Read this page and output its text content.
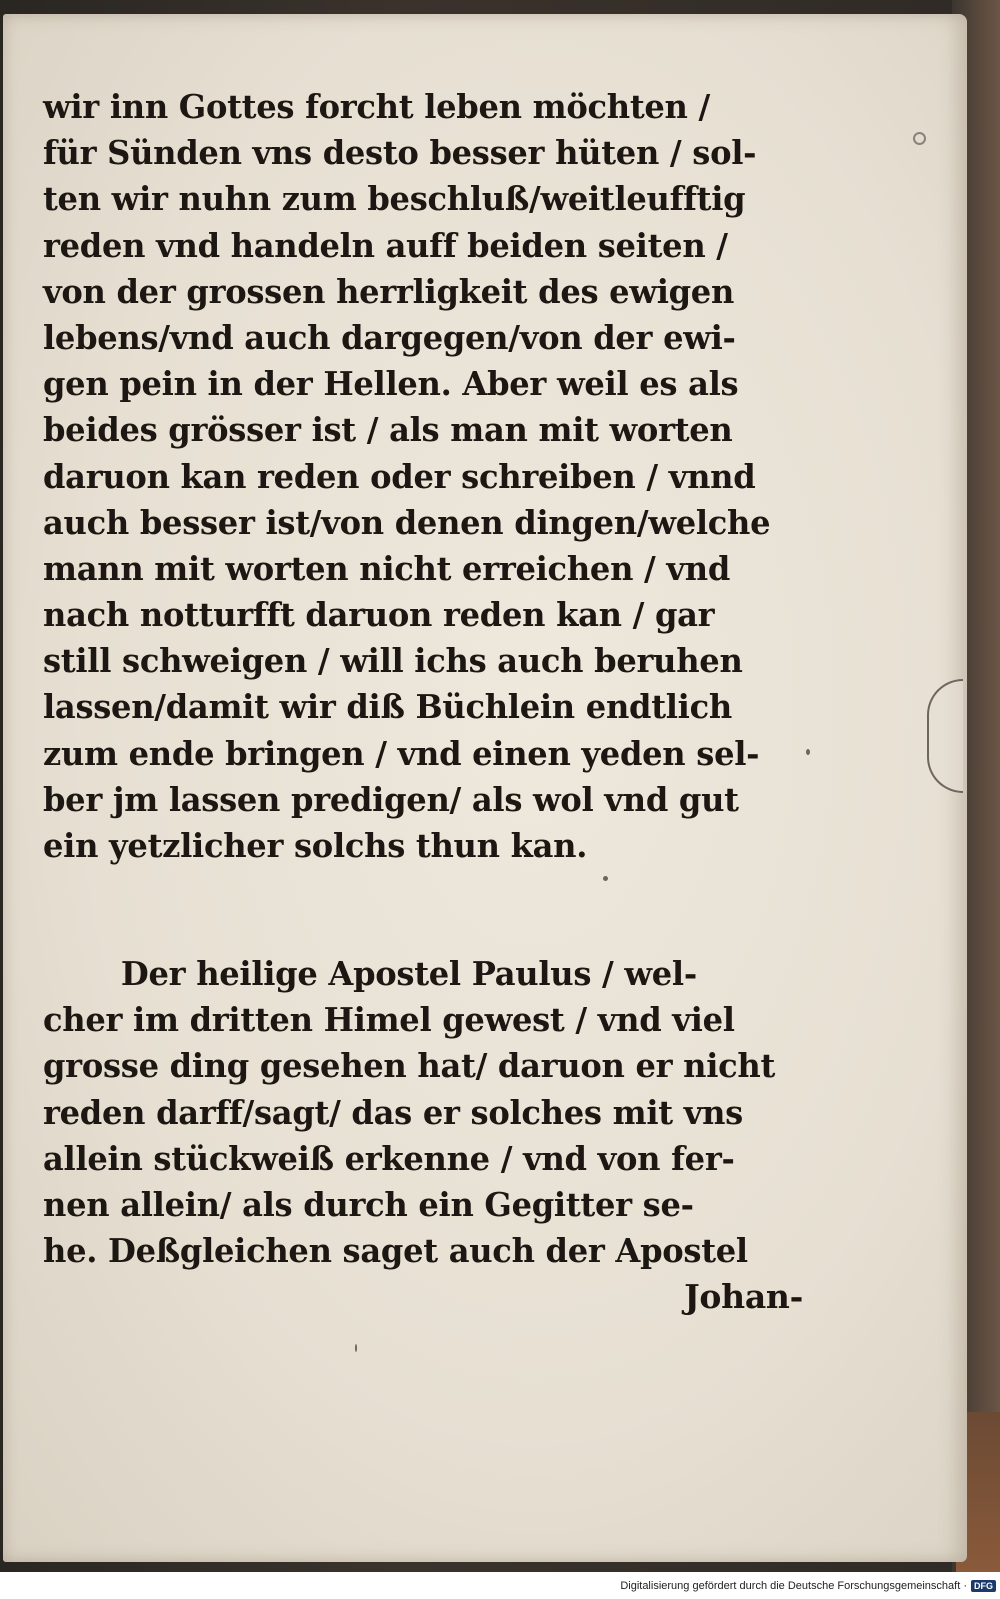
wir inn Gottes forcht leben möchten /
für Sünden vns desto besser hüten / sol-
ten wir nuhn zum beschluß/weitleufftig
reden vnd handeln auff beiden seiten /
von der grossen herrligkeit des ewigen
lebens/vnd auch dargegen/von der ewi-
gen pein in der Hellen. Aber weil es als
beides grösser ist / als man mit worten
daruon kan reden oder schreiben / vnnd
auch besser ist/von denen dingen/welche
mann mit worten nicht erreichen / vnd
nach notturfft daruon reden kan / gar
still schweigen / will ichs auch beruhen
lassen/damit wir diß Büchlein endtlich
zum ende bringen / vnd einen yeden sel-
ber jm lassen predigen/ als wol vnd gut
ein yetzlicher solchs thun kan.
Der heilige Apostel Paulus / wel-
cher im dritten Himel gewest / vnd viel
grosse ding gesehen hat/ daruon er nicht
reden darff/sagt/ das er solches mit vns
allein stückweiß erkenne / vnd von fer-
nen allein/ als durch ein Gegitter se-
he. Deßgleichen saget auch der Apostel
Johan-
Digitalisierung gefördert durch die Deutsche Forschungsgemeinschaft · DFG
